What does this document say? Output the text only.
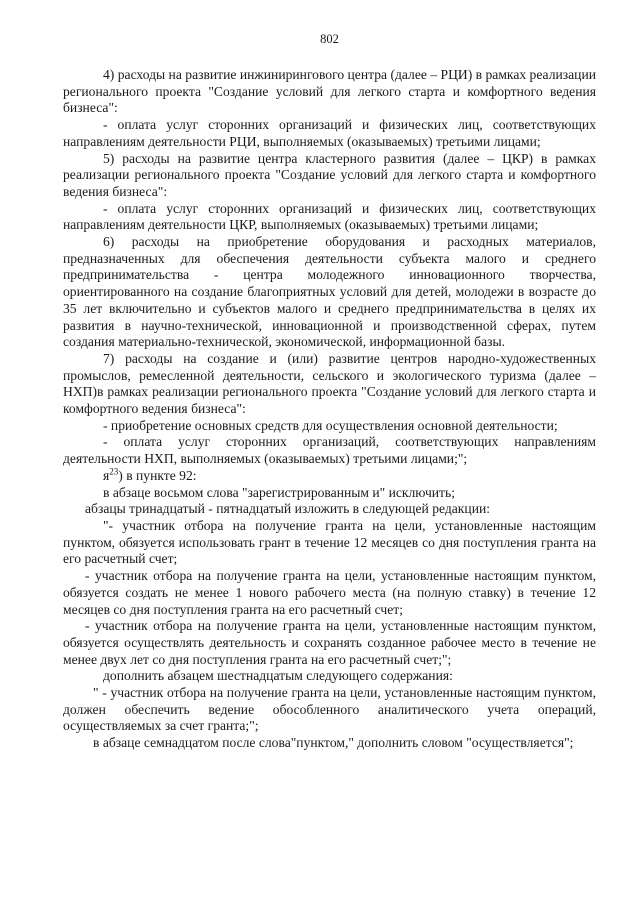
802

4) расходы на развитие инжинирингового центра (далее – РЦИ) в рамках реализации регионального проекта "Создание условий для легкого старта и комфортного ведения бизнеса":

- оплата услуг сторонних организаций и физических лиц, соответствующих направлениям деятельности РЦИ, выполняемых (оказываемых) третьими лицами;

5) расходы на развитие центра кластерного развития (далее – ЦКР) в рамках реализации регионального проекта "Создание условий для легкого старта и комфортного ведения бизнеса":

- оплата услуг сторонних организаций и физических лиц, соответствующих направлениям деятельности ЦКР, выполняемых (оказываемых) третьими лицами;

6) расходы на приобретение оборудования и расходных материалов, предназначенных для обеспечения деятельности субъекта малого и среднего предпринимательства - центра молодежного инновационного творчества, ориентированного на создание благоприятных условий для детей, молодежи в возрасте до 35 лет включительно и субъектов малого и среднего предпринимательства в целях их развития в научно-технической, инновационной и производственной сферах, путем создания материально-технической, экономической, информационной базы.

7) расходы на создание и (или) развитие центров народно-художественных промыслов, ремесленной деятельности, сельского и экологического туризма (далее – НХП)в рамках реализации регионального проекта "Создание условий для легкого старта и комфортного ведения бизнеса":

- приобретение основных средств для осуществления основной деятельности;

- оплата услуг сторонних организаций, соответствующих направлениям деятельности НХП, выполняемых (оказываемых) третьими лицами;";

$я^{23}$) в пункте 92:

в абзаце восьмом слова "зарегистрированным и" исключить;

абзацы тринадцатый - пятнадцатый изложить в следующей редакции:

"- участник отбора на получение гранта на цели, установленные настоящим пунктом, обязуется использовать грант в течение 12 месяцев со дня поступления гранта на его расчетный счет;

- участник отбора на получение гранта на цели, установленные настоящим пунктом, обязуется создать не менее 1 нового рабочего места (на полную ставку) в течение 12 месяцев со дня поступления гранта на его расчетный счет;

- участник отбора на получение гранта на цели, установленные настоящим пунктом, обязуется осуществлять деятельность и сохранять созданное рабочее место в течение не менее двух лет со дня поступления гранта на его расчетный счет;";

дополнить абзацем шестнадцатым следующего содержания:

" - участник отбора на получение гранта на цели, установленные настоящим пунктом, должен обеспечить ведение обособленного аналитического учета операций, осуществляемых за счет гранта;";

в абзаце семнадцатом после слова"пунктом," дополнить словом "осуществляется";
